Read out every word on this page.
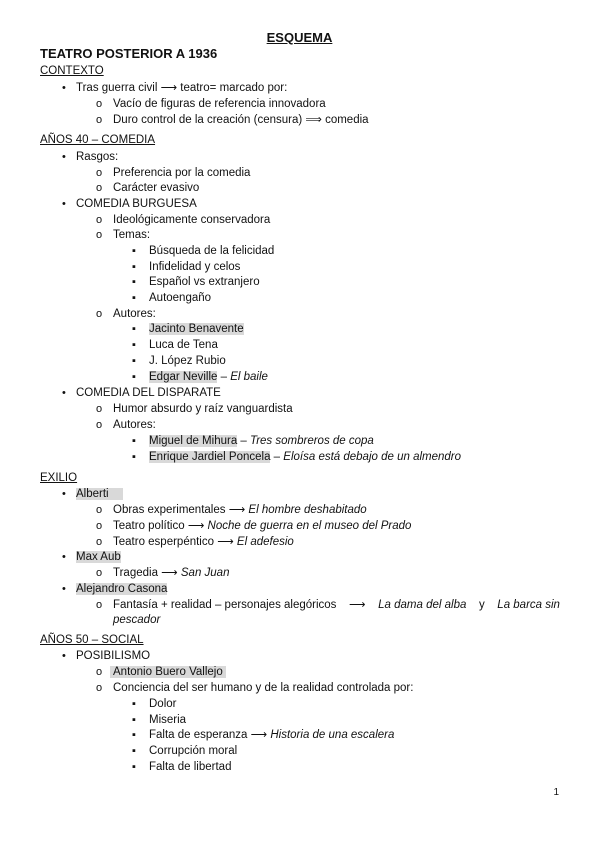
ESQUEMA
TEATRO POSTERIOR A 1936
CONTEXTO
• Tras guerra civil ⟶ teatro= marcado por:
o Vacío de figuras de referencia innovadora
o Duro control de la creación (censura) ⟹ comedia
AÑOS 40 – COMEDIA
• Rasgos:
o Preferencia por la comedia
o Carácter evasivo
• COMEDIA BURGUESA
o Ideológicamente conservadora
o Temas:
▪ Búsqueda de la felicidad
▪ Infidelidad y celos
▪ Español vs extranjero
▪ Autoengaño
o Autores:
▪ Jacinto Benavente
▪ Luca de Tena
▪ J. López Rubio
▪ Edgar Neville – El baile
• COMEDIA DEL DISPARATE
o Humor absurdo y raíz vanguardista
o Autores:
▪ Miguel de Mihura – Tres sombreros de copa
▪ Enrique Jardiel Poncela – Eloísa está debajo de un almendro
EXILIO
• Alberti
o Obras experimentales ⟶ El hombre deshabitado
o Teatro político ⟶ Noche de guerra en el museo del Prado
o Teatro esperpéntico ⟶ El adefesio
• Max Aub
o Tragedia ⟶ San Juan
• Alejandro Casona
o Fantasía + realidad – personajes alegóricos ⟶ La dama del alba y La barca sin
pescador
AÑOS 50 – SOCIAL
• POSIBILISMO
o Antonio Buero Vallejo
o Conciencia del ser humano y de la realidad controlada por:
▪ Dolor
▪ Miseria
▪ Falta de esperanza ⟶ Historia de una escalera
▪ Corrupción moral
▪ Falta de libertad
1
